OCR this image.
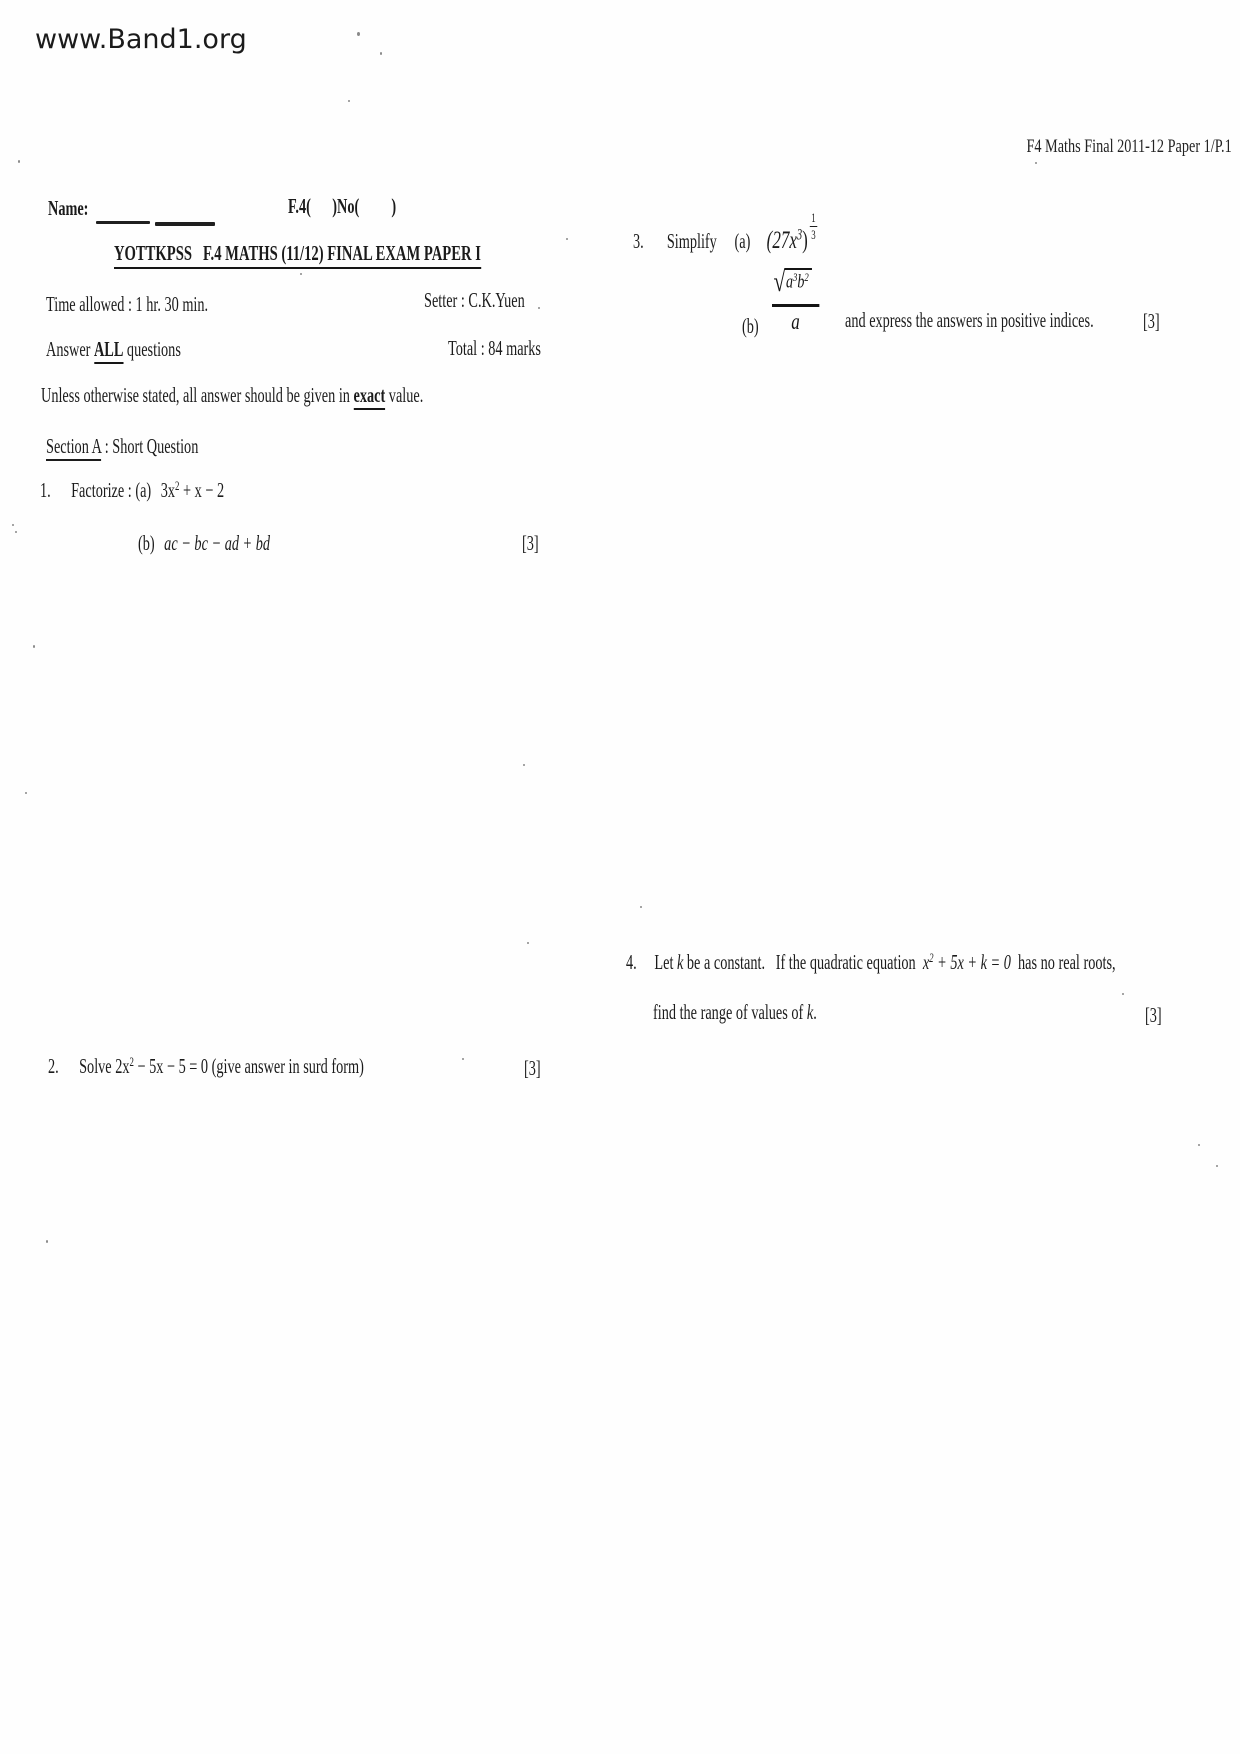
www.Band1.org
F4 Maths Final 2011-12 Paper 1/P.1
Name:	F.4(      )No(         )
YOTTKPSS   F.4 MATHS (11/12) FINAL EXAM PAPER I
Time allowed : 1 hr. 30 min.	Setter : C.K.Yuen
Answer ALL questions	Total : 84 marks
Unless otherwise stated, all answer should be given in exact value.
Section A : Short Question
1. Factorize : (a) $3x^2 + x - 2$
(b) ac − bc − ad + bd	[3]
2. Solve $2x^2 - 5x - 5 = 0$ (give answer in surd form)	[3]
3. Simplify (a) $(27x^3) \frac{1}{3}$
(b)
√ $a^3b^2$
a and express the answers in positive indices. [3]
4. Let k be a constant.   If the quadratic equation  $x^2 + 5x + k = 0$  has no real roots,
find the range of values of k.	[3]
